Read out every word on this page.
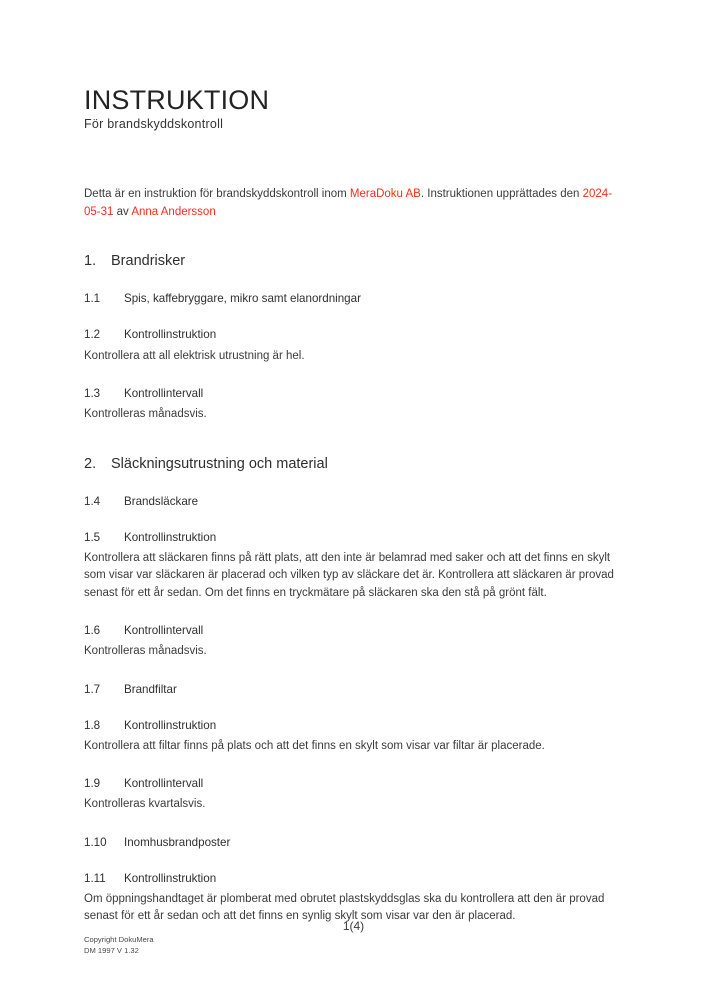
INSTRUKTION
För brandskyddskontroll

Detta är en instruktion för brandskyddskontroll inom MeraDoku AB. Instruktionen upprättades den 2024-05-31 av Anna Andersson

1.	Brandrisker
1.1	Spis, kaffebryggare, mikro samt elanordningar
1.2	Kontrollinstruktion

Kontrollera att all elektrisk utrustning är hel.

1.3	Kontrollintervall

Kontrolleras månadsvis.

2.	Släckningsutrustning och material
1.4	Brandsläckare
1.5	Kontrollinstruktion

Kontrollera att släckaren finns på rätt plats, att den inte är belamrad med saker och att det finns en skylt som visar var släckaren är placerad och vilken typ av släckare det är. Kontrollera att släckaren är provad senast för ett år sedan. Om det finns en tryckmätare på släckaren ska den stå på grönt fält.

1.6	Kontrollintervall

Kontrolleras månadsvis.

1.7	Brandfiltar
1.8	Kontrollinstruktion

Kontrollera att filtar finns på plats och att det finns en skylt som visar var filtar är placerade.

1.9	Kontrollintervall

Kontrolleras kvartalsvis.

1.10	Inomhusbrandposter
1.11	Kontrollinstruktion

Om öppningshandtaget är plomberat med obrutet plastskyddsglas ska du kontrollera att den är provad senast för ett år sedan och att det finns en synlig skylt som visar var den är placerad.

1(4)
Copyright DokuMera
DM 1997 V 1.32
